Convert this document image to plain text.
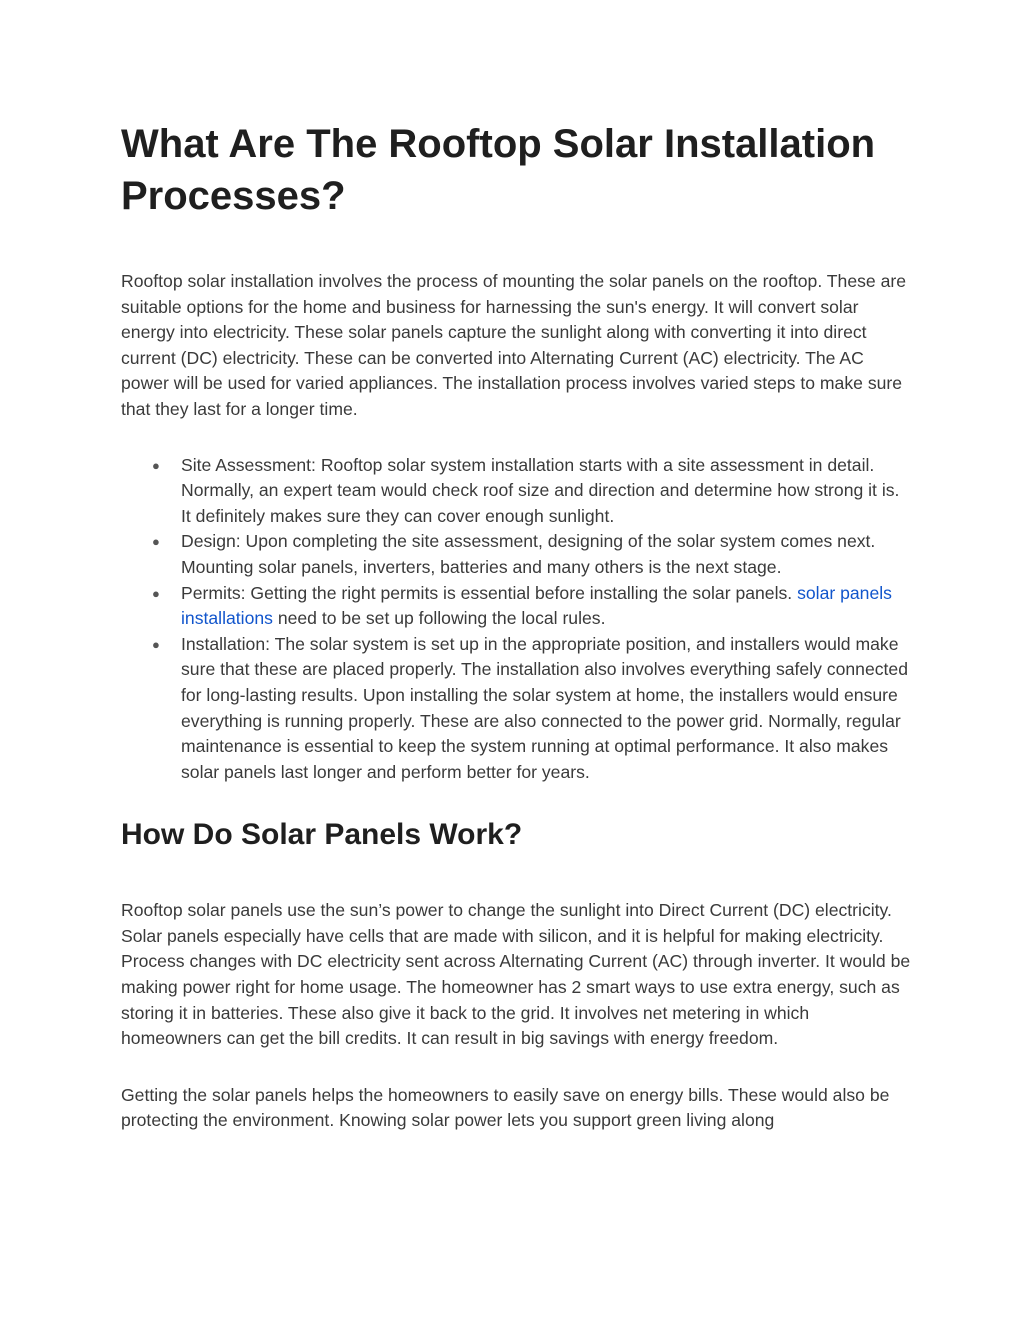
What Are The Rooftop Solar Installation Processes?

Rooftop solar installation involves the process of mounting the solar panels on the rooftop. These are suitable options for the home and business for harnessing the sun's energy. It will convert solar energy into electricity. These solar panels capture the sunlight along with converting it into direct current (DC) electricity. These can be converted into Alternating Current (AC) electricity. The AC power will be used for varied appliances. The installation process involves varied steps to make sure that they last for a longer time.

● Site Assessment: Rooftop solar system installation starts with a site assessment in detail. Normally, an expert team would check roof size and direction and determine how strong it is. It definitely makes sure they can cover enough sunlight.
● Design: Upon completing the site assessment, designing of the solar system comes next. Mounting solar panels, inverters, batteries and many others is the next stage.
● Permits: Getting the right permits is essential before installing the solar panels. solar panels installations need to be set up following the local rules.
● Installation: The solar system is set up in the appropriate position, and installers would make sure that these are placed properly. The installation also involves everything safely connected for long-lasting results. Upon installing the solar system at home, the installers would ensure everything is running properly. These are also connected to the power grid. Normally, regular maintenance is essential to keep the system running at optimal performance. It also makes solar panels last longer and perform better for years.
How Do Solar Panels Work?

Rooftop solar panels use the sun’s power to change the sunlight into Direct Current (DC) electricity. Solar panels especially have cells that are made with silicon, and it is helpful for making electricity. Process changes with DC electricity sent across Alternating Current (AC) through inverter. It would be making power right for home usage. The homeowner has 2 smart ways to use extra energy, such as storing it in batteries. These also give it back to the grid. It involves net metering in which homeowners can get the bill credits. It can result in big savings with energy freedom.

Getting the solar panels helps the homeowners to easily save on energy bills. These would also be protecting the environment. Knowing solar power lets you support green living along
